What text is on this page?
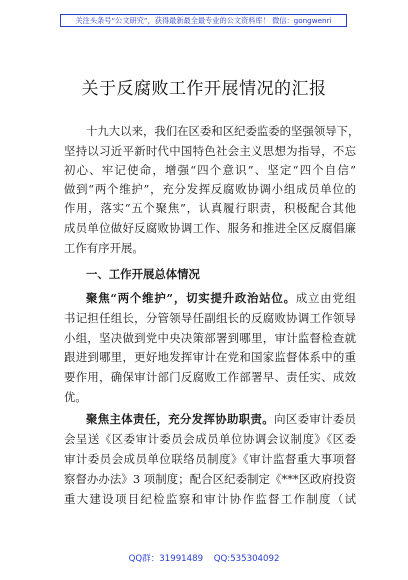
关注头条号“公文研究”，获得最新最全最专业的公文资料库！ 微信：gongwenri
关于反腐败工作开展情况的汇报
十九大以来，我们在区委和区纪委监委的坚强领导下，
坚持以习近平新时代中国特色社会主义思想为指导，不忘
初心、牢记使命，增强“四个意识”、坚定“四个自信”
做到“两个维护”，充分发挥反腐败协调小组成员单位的
作用，落实“五个聚焦”，认真履行职责，积极配合其他
成员单位做好反腐败协调工作、服务和推进全区反腐倡廉
工作有序开展。
一、工作开展总体情况
聚焦“两个维护”，切实提升政治站位。成立由党组
书记担任组长，分管领导任副组长的反腐败协调工作领导
小组，坚决做到党中央决策部署到哪里，审计监督检查就
跟进到哪里，更好地发挥审计在党和国家监督体系中的重
要作用，确保审计部门反腐败工作部署早、责任实、成效
优。
聚焦主体责任，充分发挥协助职责。向区委审计委员
会呈送《区委审计委员会成员单位协调会议制度》《区委
审计委员会成员单位联络员制度》《审计监督重大事项督
察督办办法》3 项制度；配合区纪委制定《***区政府投资
重大建设项目纪检监察和审计协作监督工作制度（试
QQ群：31991489 QQ:535304092
